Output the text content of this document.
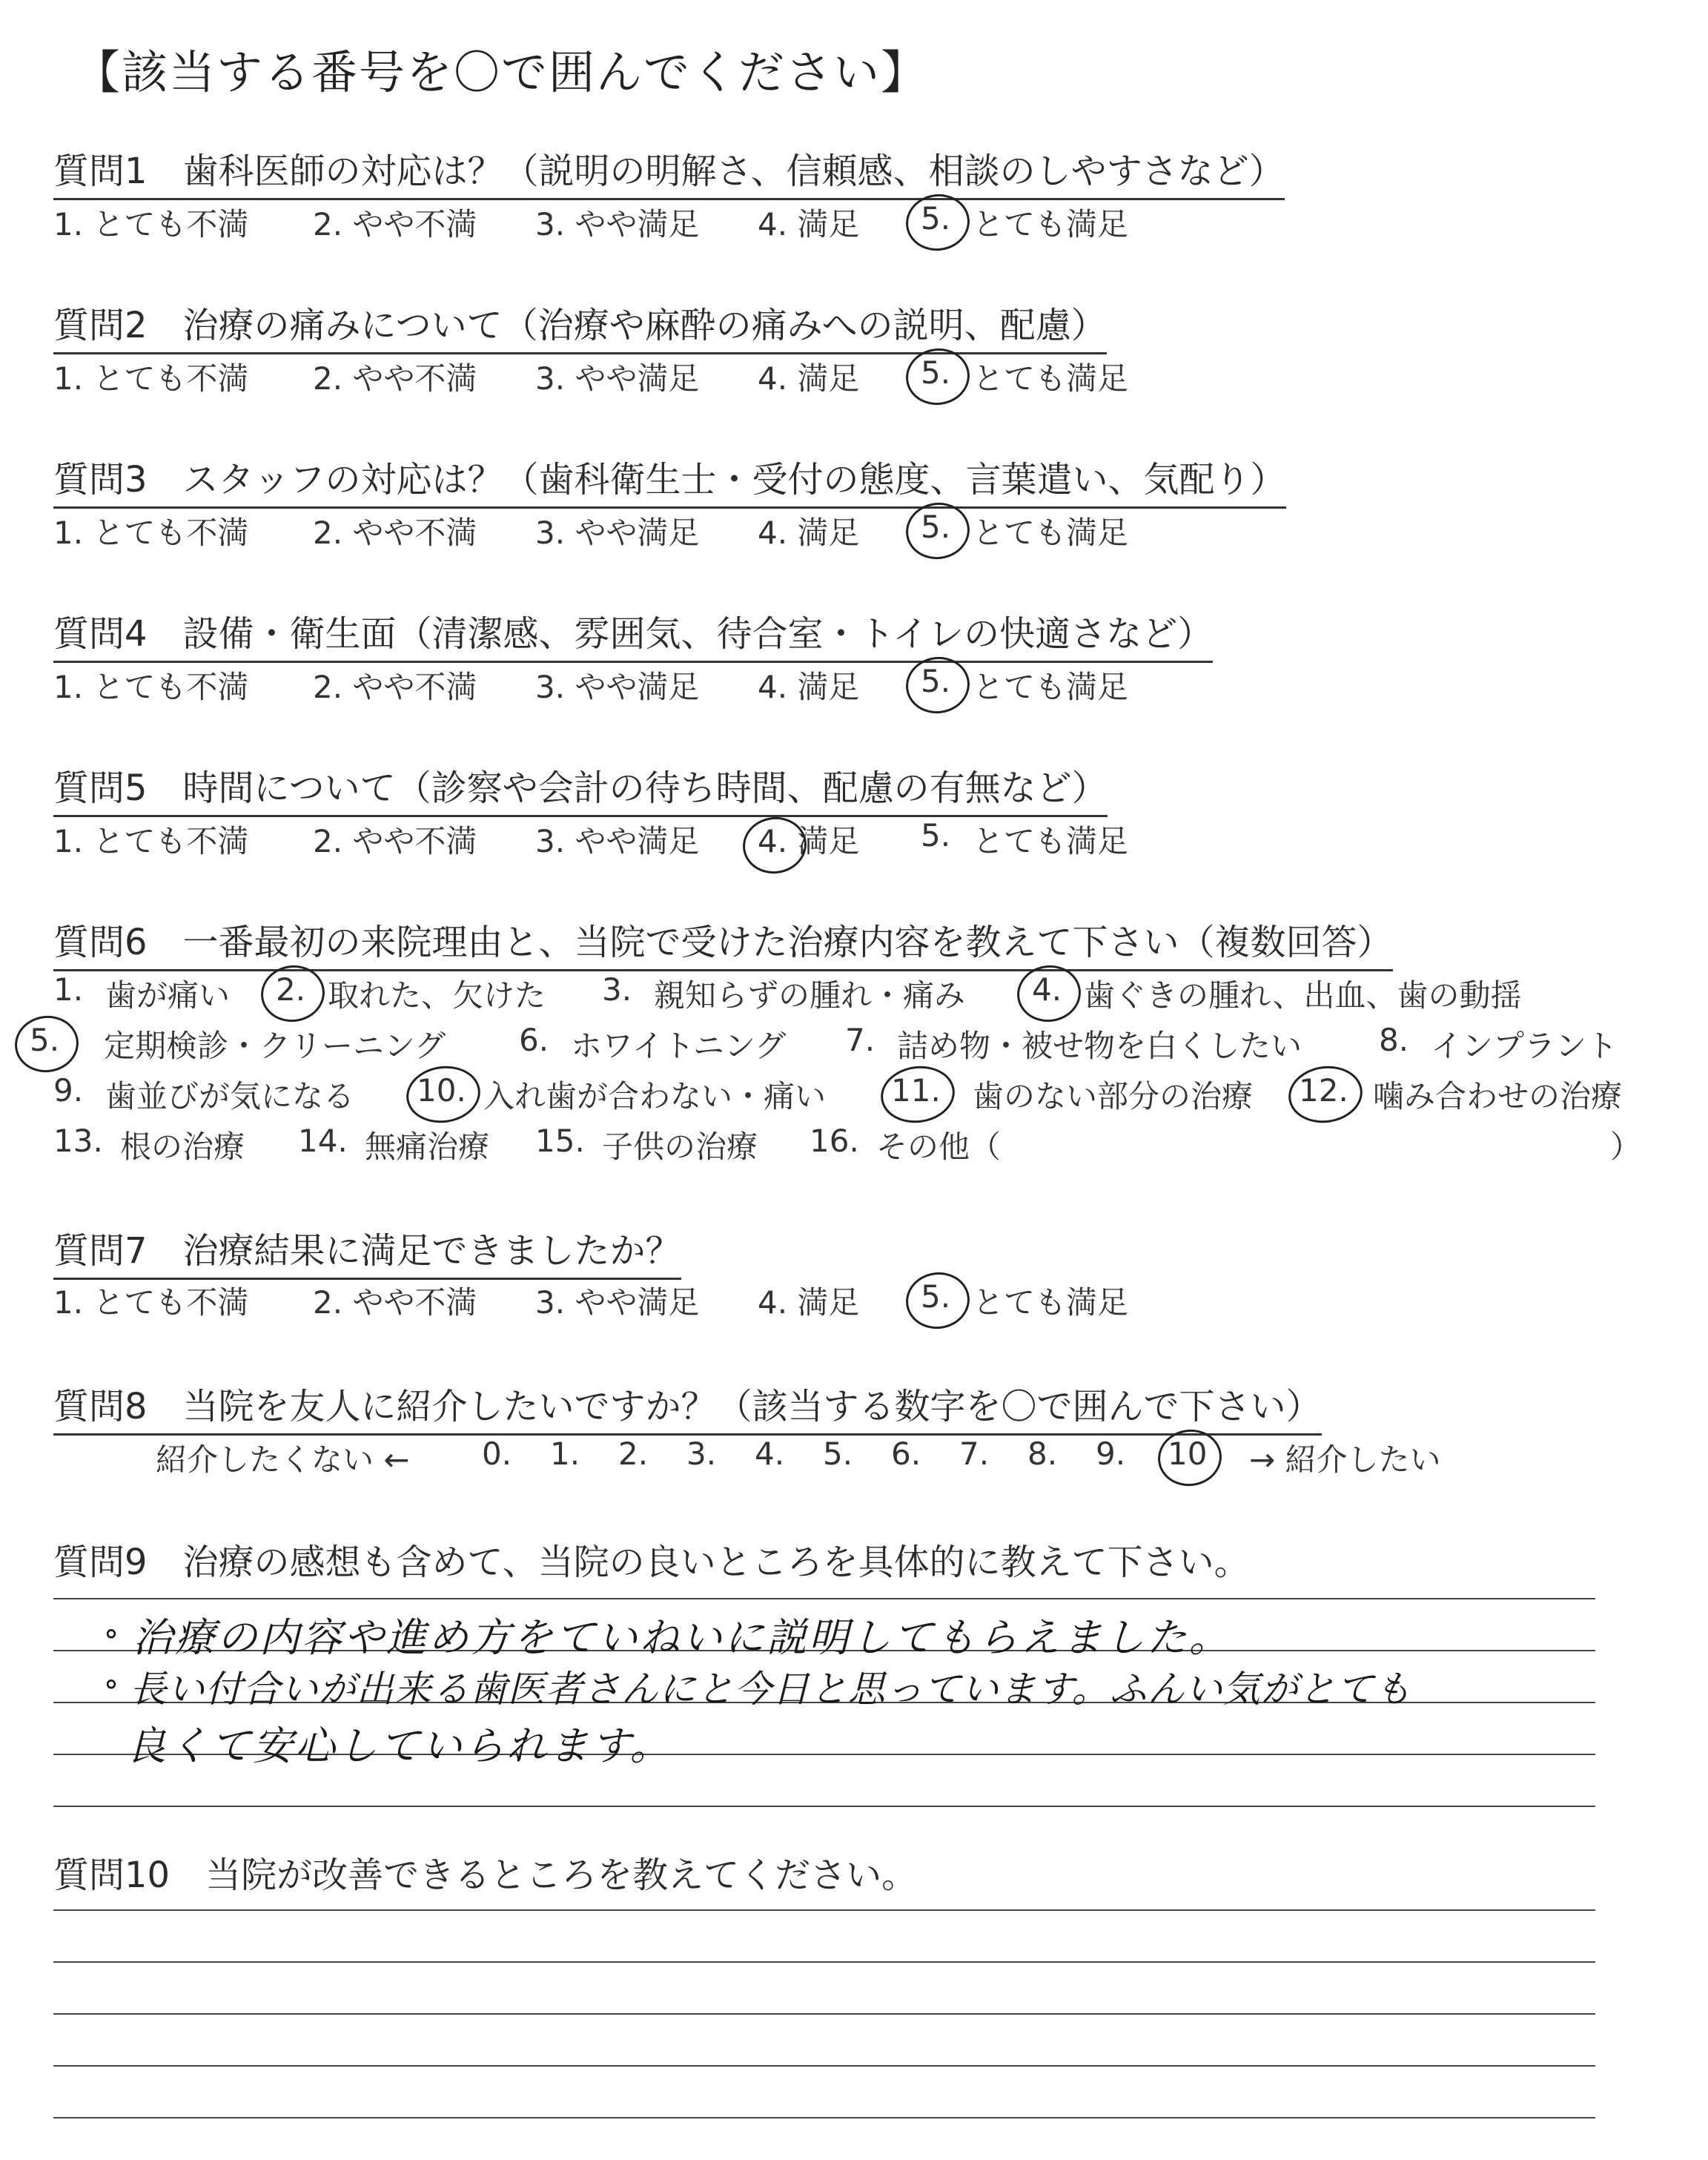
【該当する番号を〇で囲んでください】
質問1　歯科医師の対応は？（説明の明解さ、信頼感、相談のしやすさなど）
1. とても不満 2. やや不満 3. やや満足 4. 満足 5. とても満足
質問2　治療の痛みについて（治療や麻酔の痛みへの説明、配慮）
1. とても不満 2. やや不満 3. やや満足 4. 満足 5. とても満足
質問3　スタッフの対応は？（歯科衛生士・受付の態度、言葉遣い、気配り）
1. とても不満 2. やや不満 3. やや満足 4. 満足 5. とても満足
質問4　設備・衛生面（清潔感、雰囲気、待合室・トイレの快適さなど）
1. とても不満 2. やや不満 3. やや満足 4. 満足 5. とても満足
質問5　時間について（診察や会計の待ち時間、配慮の有無など）
1. とても不満 2. やや不満 3. やや満足 4.
満足 5. とても満足
質問6　一番最初の来院理由と、当院で受けた治療内容を教えて下さい（複数回答）
1. 歯が痛い 2. 取れた、欠けた 3. 親知らずの腫れ・痛み 4. 歯ぐきの腫れ、出血、歯の動揺
5. 定期検診・クリーニング 6. ホワイトニング 7. 詰め物・被せ物を白くしたい 8. インプラント
9. 歯並びが気になる 10. 入れ歯が合わない・痛い 11. 歯のない部分の治療 12. 噛み合わせの治療
13. 根の治療 14. 無痛治療 15. 子供の治療 16. その他（	）
質問7　治療結果に満足できましたか？
1. とても不満 2. やや不満 3. やや満足 4. 満足 5. とても満足
質問8　当院を友人に紹介したいですか？（該当する数字を〇で囲んで下さい）
紹介したくない ← 0. 1. 2. 3. 4. 5. 6. 7. 8. 9. 10 → 紹介したい
質問9　治療の感想も含めて、当院の良いところを具体的に教えて下さい。
° 治療の内容や進め方をていねいに説明してもらえました。
° 長い付合いが出来る歯医者さんにと今日と思っています。ふんい気がとても
良くて安心していられます。
質問10　当院が改善できるところを教えてください。
